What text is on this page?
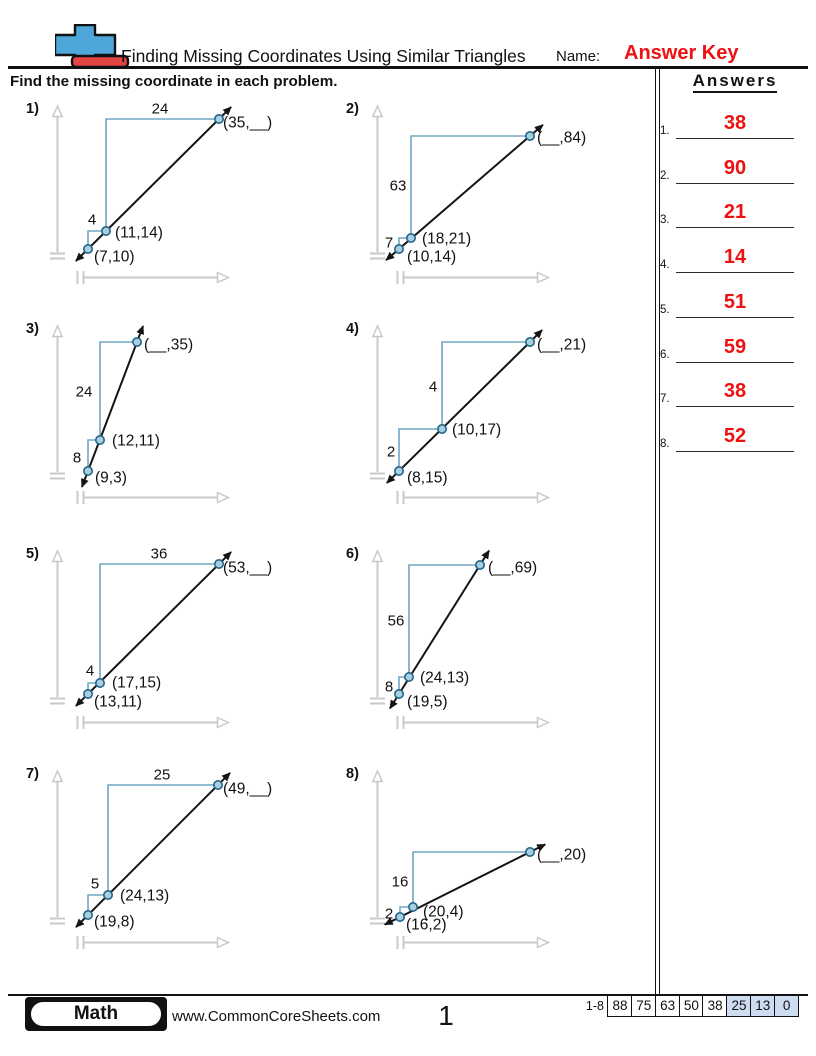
Finding Missing Coordinates Using Similar Triangles Name: Answer Key
Find the missing coordinate in each problem.	Answers
1.	38
2.	90
3.	21
4.	14
5.	51
6.	59
7.	38
8.	52
1)
(7,10)
(11,14)
(35,__)
4
24	2)
(10,14)
(18,21)
(__,84)
7
63
3)
(9,3)
(12,11)
(__,35)
8
24
4)
(8,15)
(10,17)
(__,21)
2
4
5)
(13,11)
(17,15)
(53,__)
4
36	6)
(19,5)
(24,13)
(__,69)
8
56
7)
(19,8)
(24,13)
(49,__)
5
25	8)
(16,2)
(20,4)
(__,20)
2
16
Math	www.CommonCoreSheets.com	1	1-8 88 75 63 50 38 25 13 0
